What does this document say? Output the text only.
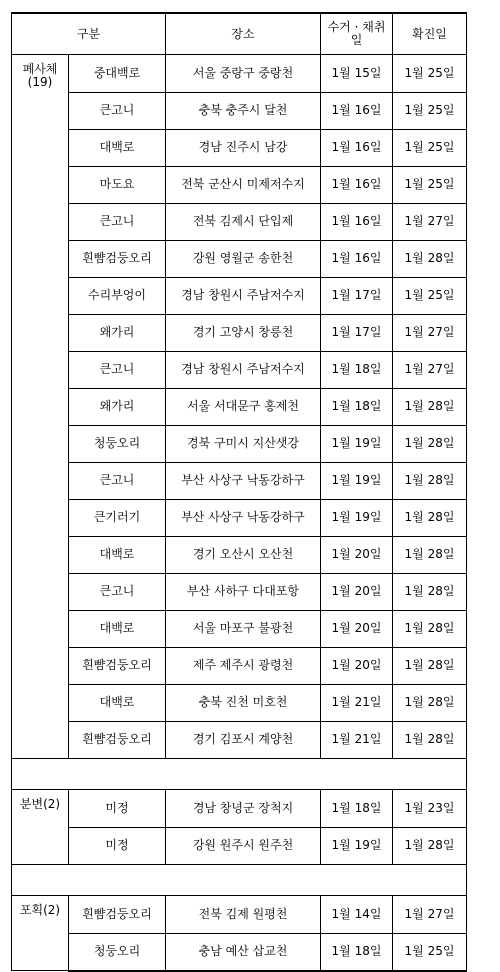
구분		장소	수거 · 채취일	확진일
폐사체
(19)	중대백로	서울 중랑구 중랑천	1월 15일	1월 25일
	큰고니	충북 충주시 달천	1월 16일	1월 25일
	대백로	경남 진주시 남강	1월 16일	1월 25일
	마도요	전북 군산시 미제저수지	1월 16일	1월 25일
	큰고니	전북 김제시 단입제	1월 16일	1월 27일
	흰뺨검둥오리	강원 영월군 송한천	1월 16일	1월 28일
	수리부엉이	경남 창원시 주남저수지	1월 17일	1월 25일
	왜가리	경기 고양시 창릉천	1월 17일	1월 27일
	큰고니	경남 창원시 주남저수지	1월 18일	1월 27일
	왜가리	서울 서대문구 홍제천	1월 18일	1월 28일
	청둥오리	경북 구미시 지산샛강	1월 19일	1월 28일
	큰고니	부산 사상구 낙동강하구	1월 19일	1월 28일
	큰기러기	부산 사상구 낙동강하구	1월 19일	1월 28일
	대백로	경기 오산시 오산천	1월 20일	1월 28일
	큰고니	부산 사하구 다대포항	1월 20일	1월 28일
	대백로	서울 마포구 불광천	1월 20일	1월 28일
	흰뺨검둥오리	제주 제주시 광령천	1월 20일	1월 28일
	대백로	충북 진천 미호천	1월 21일	1월 28일
	흰뺨검둥오리	경기 김포시 계양천	1월 21일	1월 28일

분변(2)	미정	경남 창녕군 장척지	1월 18일	1월 23일
	미정	강원 원주시 원주천	1월 19일	1월 28일

포획(2)	흰뺨검둥오리	전북 김제 원평천	1월 14일	1월 27일
	청둥오리	충남 예산 삽교천	1월 18일	1월 25일
